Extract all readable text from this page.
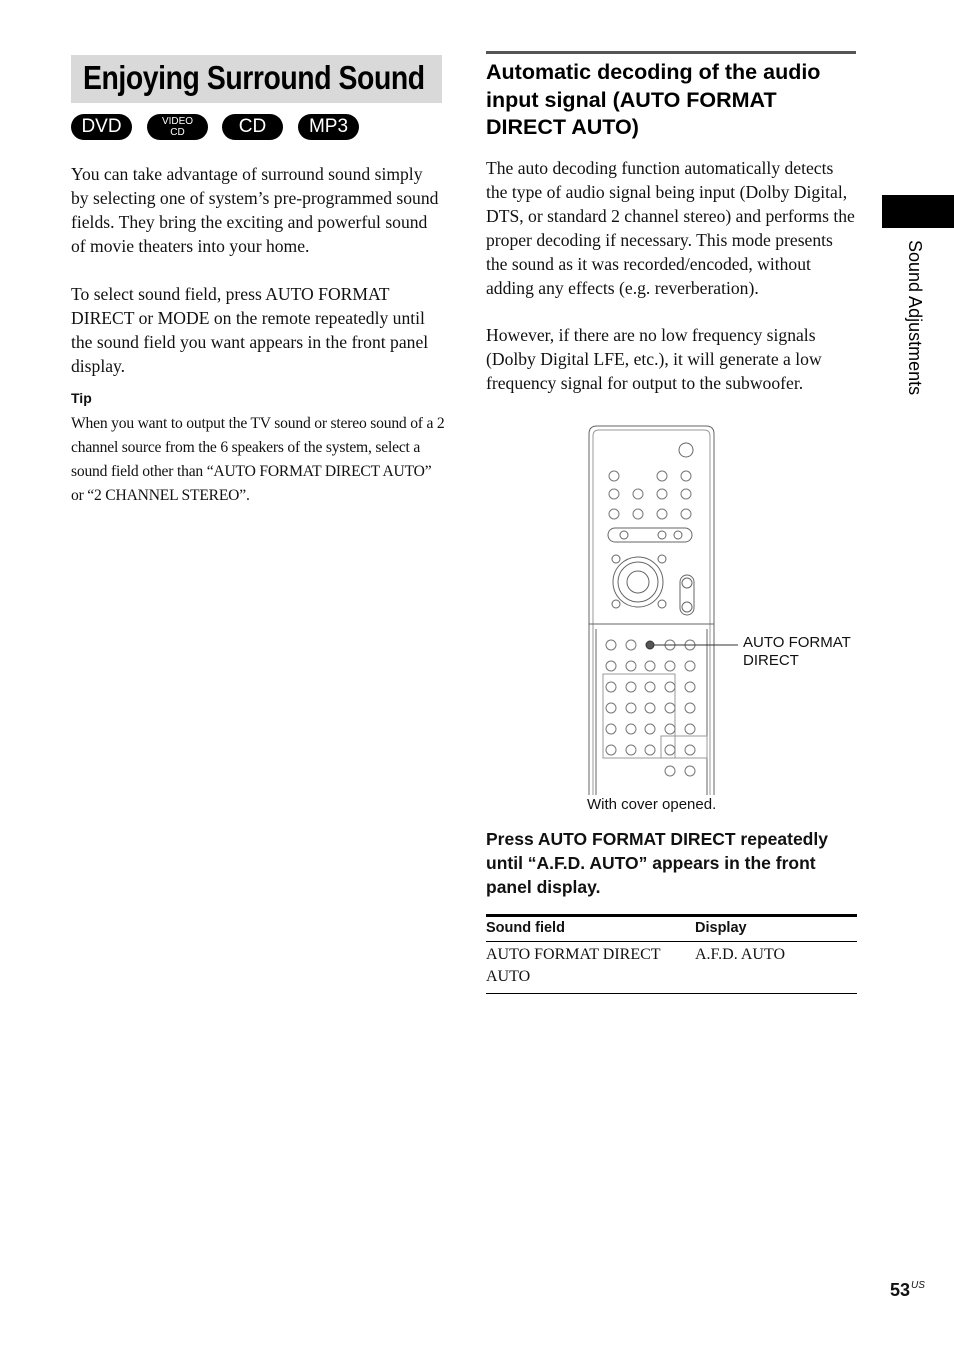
Enjoying Surround Sound
DVD	VIDEO
CD	CD	MP3

You can take advantage of surround sound simply by selecting one of system’s pre-programmed sound fields. They bring the exciting and powerful sound of movie theaters into your home.

To select sound field, press AUTO FORMAT DIRECT or MODE on the remote repeatedly until the sound field you want appears in the front panel display.

Tip

When you want to output the TV sound or stereo sound of a 2 channel source from the 6 speakers of the system, select a sound field other than “AUTO FORMAT DIRECT AUTO” or “2 CHANNEL STEREO”.

Automatic decoding of the audio input signal (AUTO FORMAT DIRECT AUTO)

The auto decoding function automatically detects the type of audio signal being input (Dolby Digital, DTS, or standard 2 channel stereo) and performs the proper decoding if necessary. This mode presents the sound as it was recorded/encoded, without adding any effects (e.g. reverberation).

However, if there are no low frequency signals (Dolby Digital LFE, etc.), it will generate a low frequency signal for output to the subwoofer.

AUTO FORMAT
DIRECT
With cover opened.
Press AUTO FORMAT DIRECT repeatedly until “A.F.D. AUTO” appears in the front panel display.
Sound field	Display
AUTO FORMAT DIRECT AUTO	A.F.D. AUTO
Sound Adjustments
$53^{US}$
